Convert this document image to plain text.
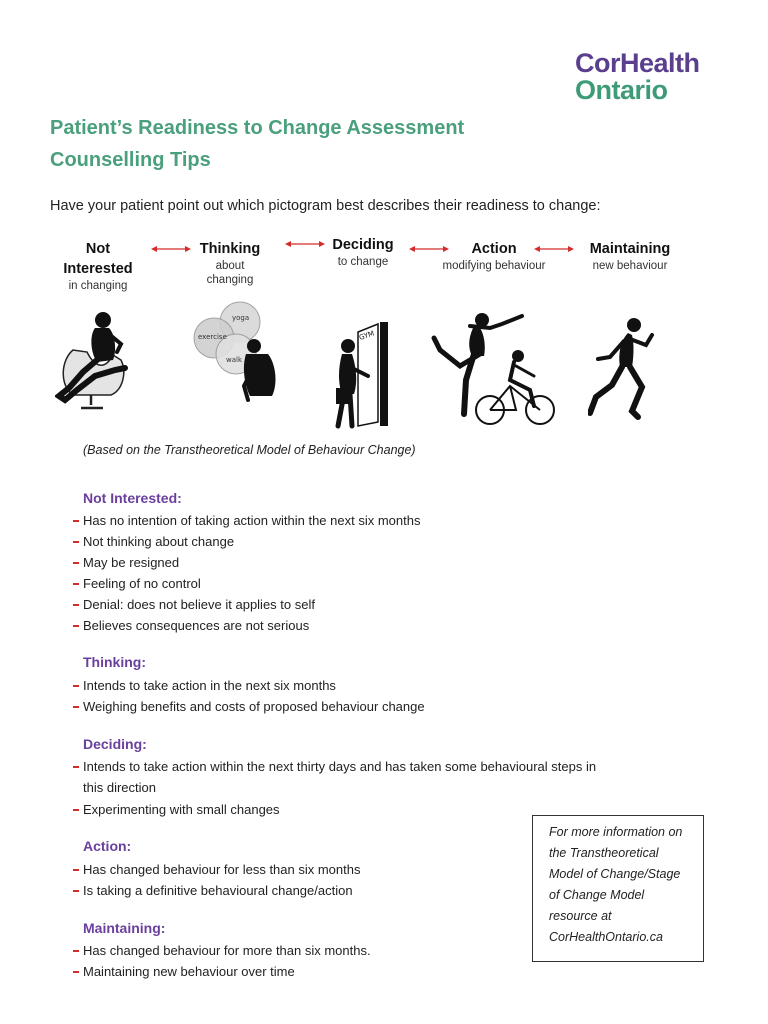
CorHealth
Ontario
Patient’s Readiness to Change Assessment
Counselling Tips
Have your patient point out which pictogram best describes their readiness to change:
Not
Interested
in changing
Thinking
about
changing
Deciding
to change
Action
modifying behaviour
Maintaining
new behaviour
yoga
exercise
walk
GYM
(Based on the Transtheoretical Model of Behaviour Change)
Not Interested:
Has no intention of taking action within the next six months
Not thinking about change
May be resigned
Feeling of no control
Denial: does not believe it applies to self
Believes consequences are not serious
Thinking:
Intends to take action in the next six months
Weighing benefits and costs of proposed behaviour change
Deciding:
Intends to take action within the next thirty days and has taken some behavioural steps in
this direction
Experimenting with small changes
Action:
Has changed behaviour for less than six months
Is taking a definitive behavioural change/action
Maintaining:
Has changed behaviour for more than six months.
Maintaining new behaviour over time
For more information on
the Transtheoretical
Model of Change/Stage
of Change Model
resource at
CorHealthOntario.ca
